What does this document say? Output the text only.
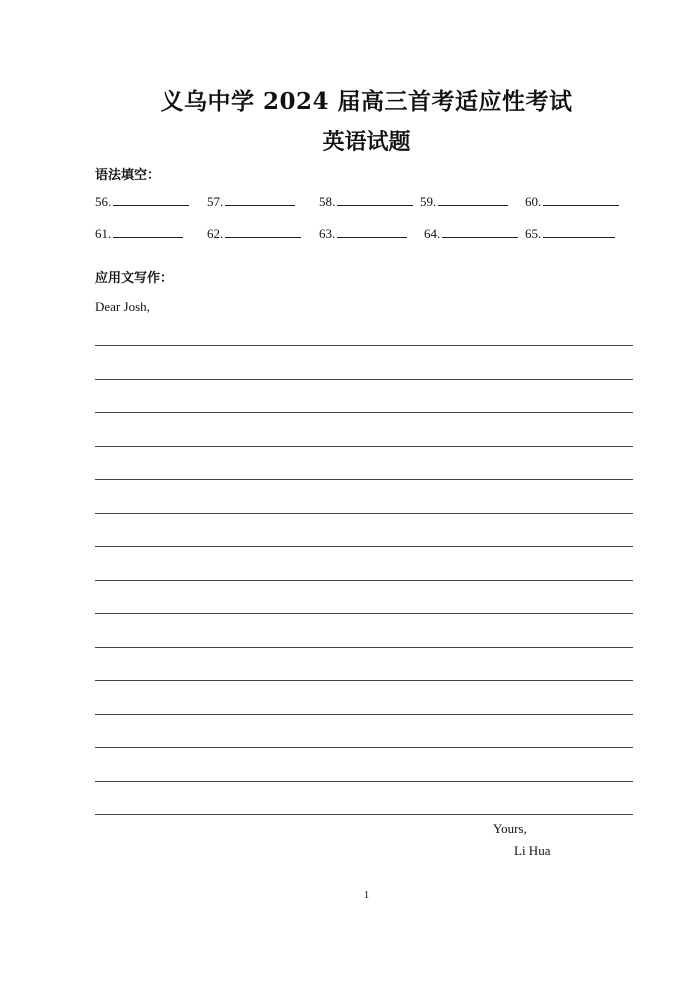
义乌中学 2024 届高三首考适应性考试
英语试题
语法填空：
56.	57.	58.	59.	60.
61.	62.	63.	64.	65.
应用文写作：
Dear Josh,
Yours,
Li Hua
1
